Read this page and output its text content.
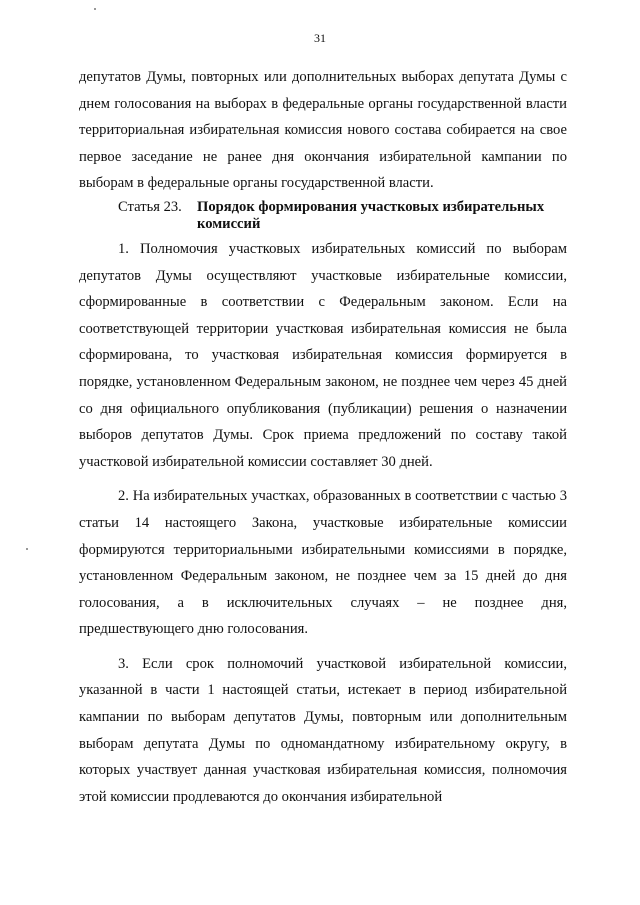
31

депутатов Думы, повторных или дополнительных выборах депутата Думы с днем голосования на выборах в федеральные органы государственной власти территориальная избирательная комиссия нового состава собирается на свое первое заседание не ранее дня окончания избирательной кампании по выборам в федеральные органы государственной власти.

Статья 23.	Порядок формирования участковых избирательных комиссий

1. Полномочия участковых избирательных комиссий по выборам депутатов Думы осуществляют участковые избирательные комиссии, сформированные в соответствии с Федеральным законом. Если на соответствующей территории участковая избирательная комиссия не была сформирована, то участковая избирательная комиссия формируется в порядке, установленном Федеральным законом, не позднее чем через 45 дней со дня официального опубликования (публикации) решения о назначении выборов депутатов Думы. Срок приема предложений по составу такой участковой избирательной комиссии составляет 30 дней.

2. На избирательных участках, образованных в соответствии с частью 3 статьи 14 настоящего Закона, участковые избирательные комиссии формируются территориальными избирательными комиссиями в порядке, установленном Федеральным законом, не позднее чем за 15 дней до дня голосования, а в исключительных случаях – не позднее дня, предшествующего дню голосования.

3. Если срок полномочий участковой избирательной комиссии, указанной в части 1 настоящей статьи, истекает в период избирательной кампании по выборам депутатов Думы, повторным или дополнительным выборам депутата Думы по одномандатному избирательному округу, в которых участвует данная участковая избирательная комиссия, полномочия этой комиссии продлеваются до окончания избирательной
